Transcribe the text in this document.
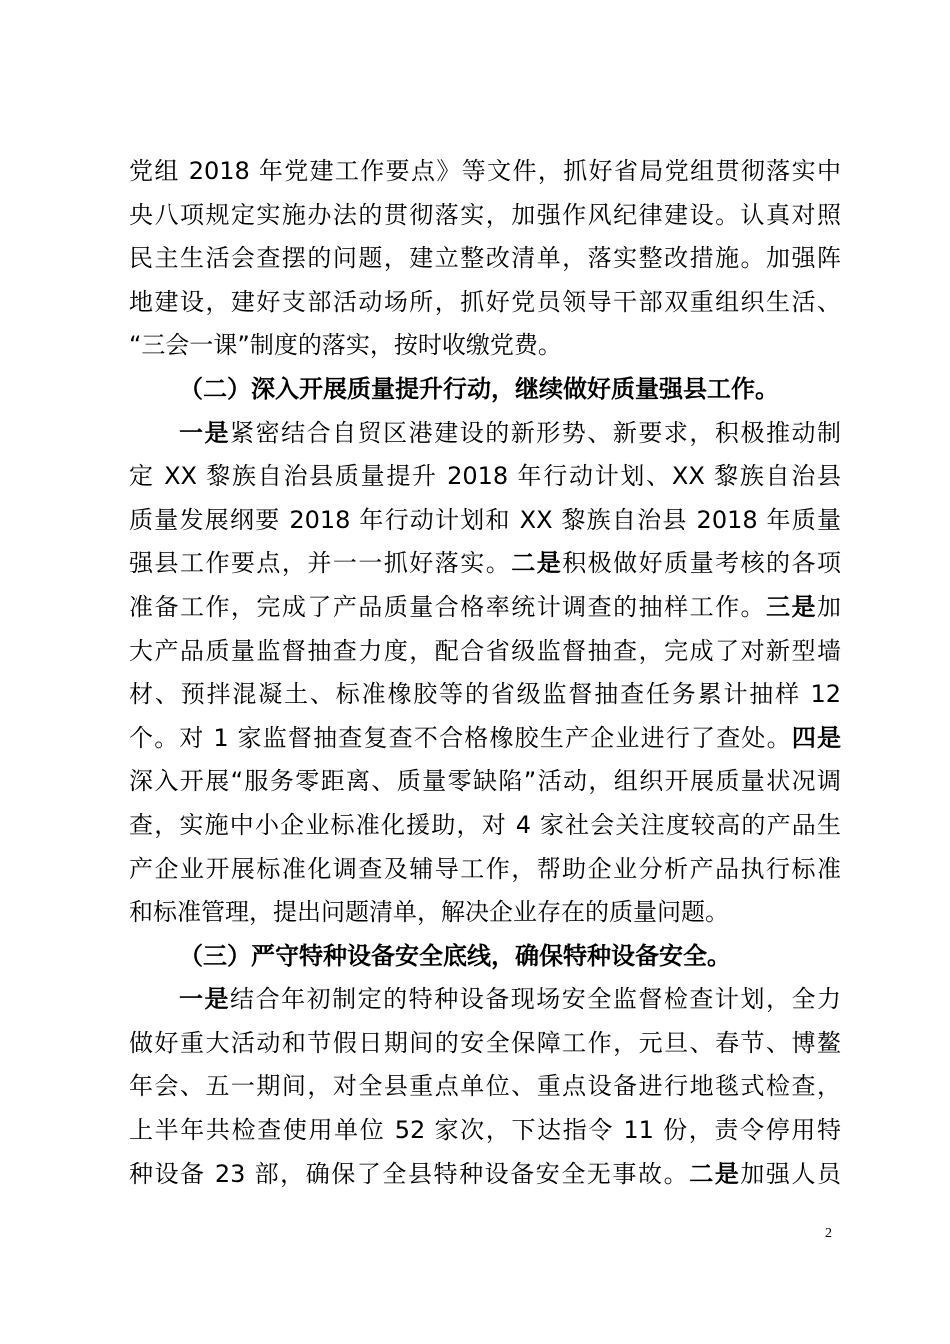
党组 2018 年党建工作要点》等文件，抓好省局党组贯彻落实中
央八项规定实施办法的贯彻落实，加强作风纪律建设。认真对照
民主生活会查摆的问题，建立整改清单，落实整改措施。加强阵
地建设，建好支部活动场所，抓好党员领导干部双重组织生活、
“三会一课”制度的落实，按时收缴党费。
（二）深入开展质量提升行动，继续做好质量强县工作。
一是紧密结合自贸区港建设的新形势、新要求，积极推动制
定 XX 黎族自治县质量提升 2018 年行动计划、XX 黎族自治县
质量发展纲要 2018 年行动计划和 XX 黎族自治县 2018 年质量
强县工作要点，并一一抓好落实。二是积极做好质量考核的各项
准备工作，完成了产品质量合格率统计调查的抽样工作。三是加
大产品质量监督抽查力度，配合省级监督抽查，完成了对新型墙
材、预拌混凝土、标准橡胶等的省级监督抽查任务累计抽样 12
个。对 1 家监督抽查复查不合格橡胶生产企业进行了查处。四是
深入开展“服务零距离、质量零缺陷”活动，组织开展质量状况调
查，实施中小企业标准化援助，对 4 家社会关注度较高的产品生
产企业开展标准化调查及辅导工作，帮助企业分析产品执行标准
和标准管理，提出问题清单，解决企业存在的质量问题。
（三）严守特种设备安全底线，确保特种设备安全。
一是结合年初制定的特种设备现场安全监督检查计划，全力
做好重大活动和节假日期间的安全保障工作，元旦、春节、博鳌
年会、五一期间，对全县重点单位、重点设备进行地毯式检查，
上半年共检查使用单位 52 家次，下达指令 11 份，责令停用特
种设备 23 部，确保了全县特种设备安全无事故。二是加强人员
2
